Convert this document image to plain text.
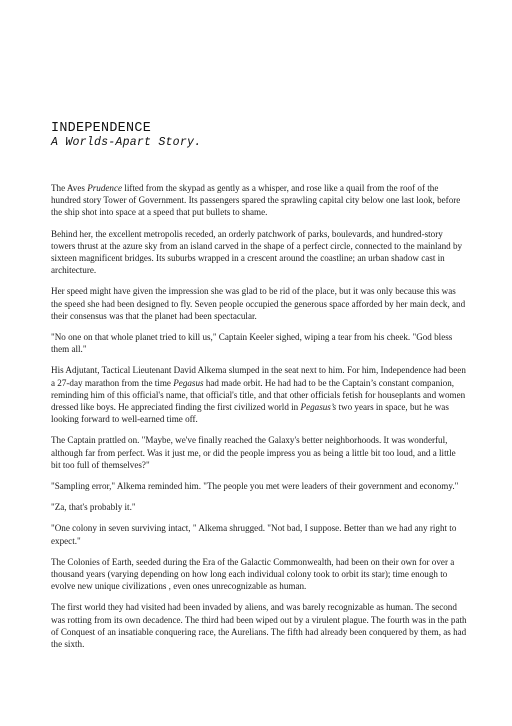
INDEPENDENCE
A Worlds-Apart Story.

The Aves Prudence lifted from the skypad as gently as a whisper, and rose like a quail from the roof of the hundred story Tower of Government. Its passengers spared the sprawling capital city below one last look, before the ship shot into space at a speed that put bullets to shame.

Behind her, the excellent metropolis receded, an orderly patchwork of parks, boulevards, and hundred-story towers thrust at the azure sky from an island carved in the shape of a perfect circle, connected to the mainland by sixteen magnificent bridges. Its suburbs wrapped in a crescent around the coastline; an urban shadow cast in architecture.

Her speed might have given the impression she was glad to be rid of the place, but it was only because this was the speed she had been designed to fly. Seven people occupied the generous space afforded by her main deck, and their consensus was that the planet had been spectacular.

"No one on that whole planet tried to kill us," Captain Keeler sighed, wiping a tear from his cheek. "God bless them all."

His Adjutant, Tactical Lieutenant David Alkema slumped in the seat next to him. For him, Independence had been a 27-day marathon from the time Pegasus had made orbit. He had had to be the Captain’s constant companion, reminding him of this official's name, that official's title, and that other officials fetish for houseplants and women dressed like boys. He appreciated finding the first civilized world in Pegasus’s two years in space, but he was looking forward to well-earned time off.

The Captain prattled on. "Maybe, we've finally reached the Galaxy's better neighborhoods. It was wonderful, although far from perfect. Was it just me, or did the people impress you as being a little bit too loud, and a little bit too full of themselves?"

"Sampling error," Alkema reminded him. "The people you met were leaders of their government and economy."

"Za, that's probably it."

"One colony in seven surviving intact, " Alkema shrugged. "Not bad, I suppose. Better than we had any right to expect."

The Colonies of Earth, seeded during the Era of the Galactic Commonwealth, had been on their own for over a thousand years (varying depending on how long each individual colony took to orbit its star); time enough to evolve new unique civilizations , even ones unrecognizable as human.

The first world they had visited had been invaded by aliens, and was barely recognizable as human. The second was rotting from its own decadence. The third had been wiped out by a virulent plague. The fourth was in the path of Conquest of an insatiable conquering race, the Aurelians. The fifth had already been conquered by them, as had the sixth.
